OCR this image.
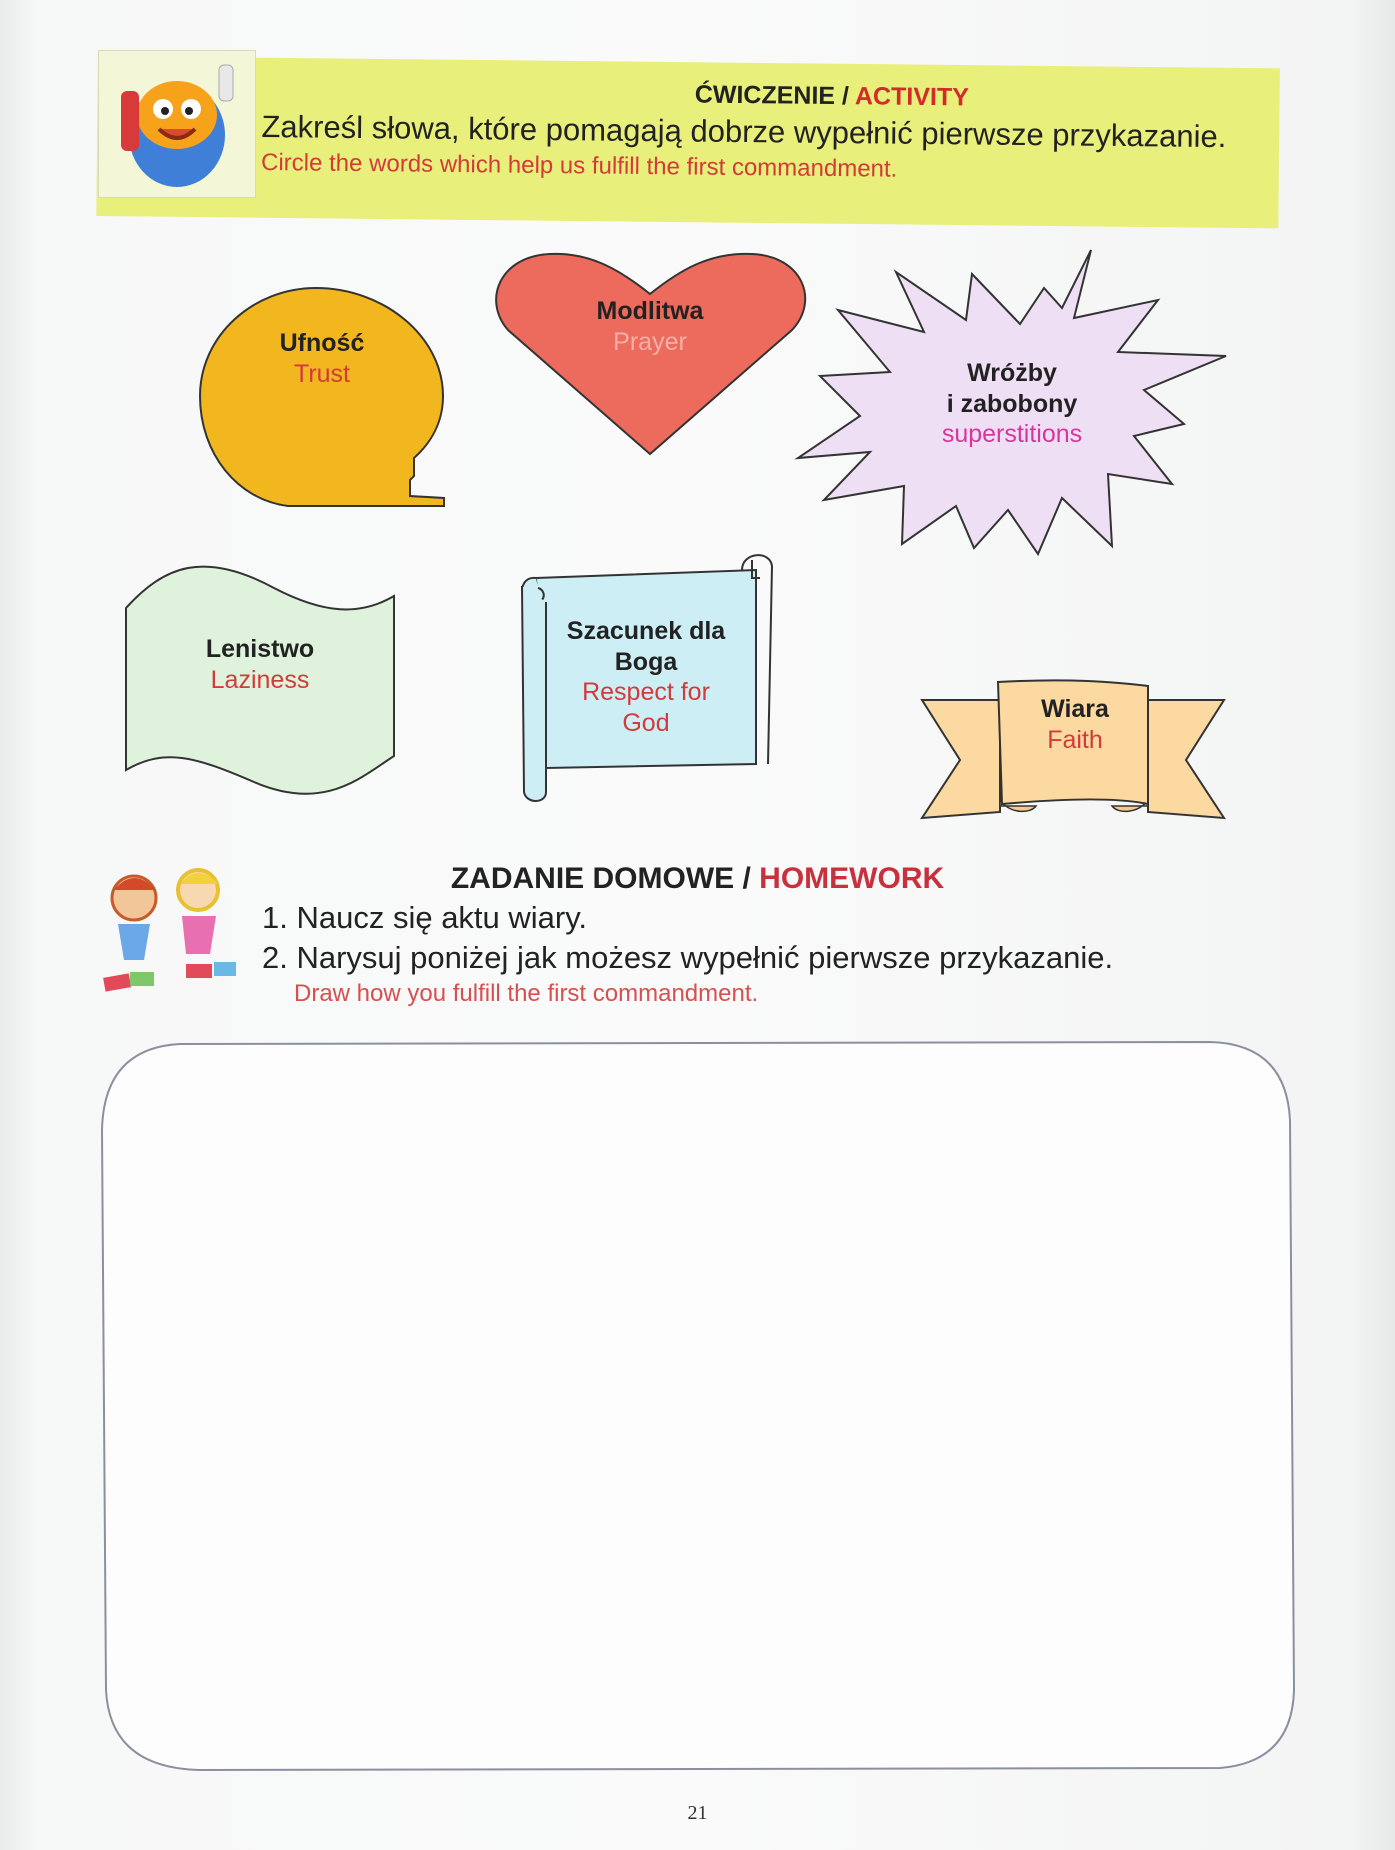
ĆWICZENIE / ACTIVITY
Zakreśl słowa, które pomagają dobrze wypełnić pierwsze przykazanie.
Circle the words which help us fulfill the first commandment.
Ufność
Trust
Modlitwa
Prayer
Wróżby
i zabobony
superstitions
Lenistwo
Laziness
Szacunek dla
Boga
Respect for
God	Wiara
Faith
ZADANIE DOMOWE / HOMEWORK
1. Naucz się aktu wiary.
2. Narysuj poniżej jak możesz wypełnić pierwsze przykazanie.
Draw how you fulfill the first commandment.
21
